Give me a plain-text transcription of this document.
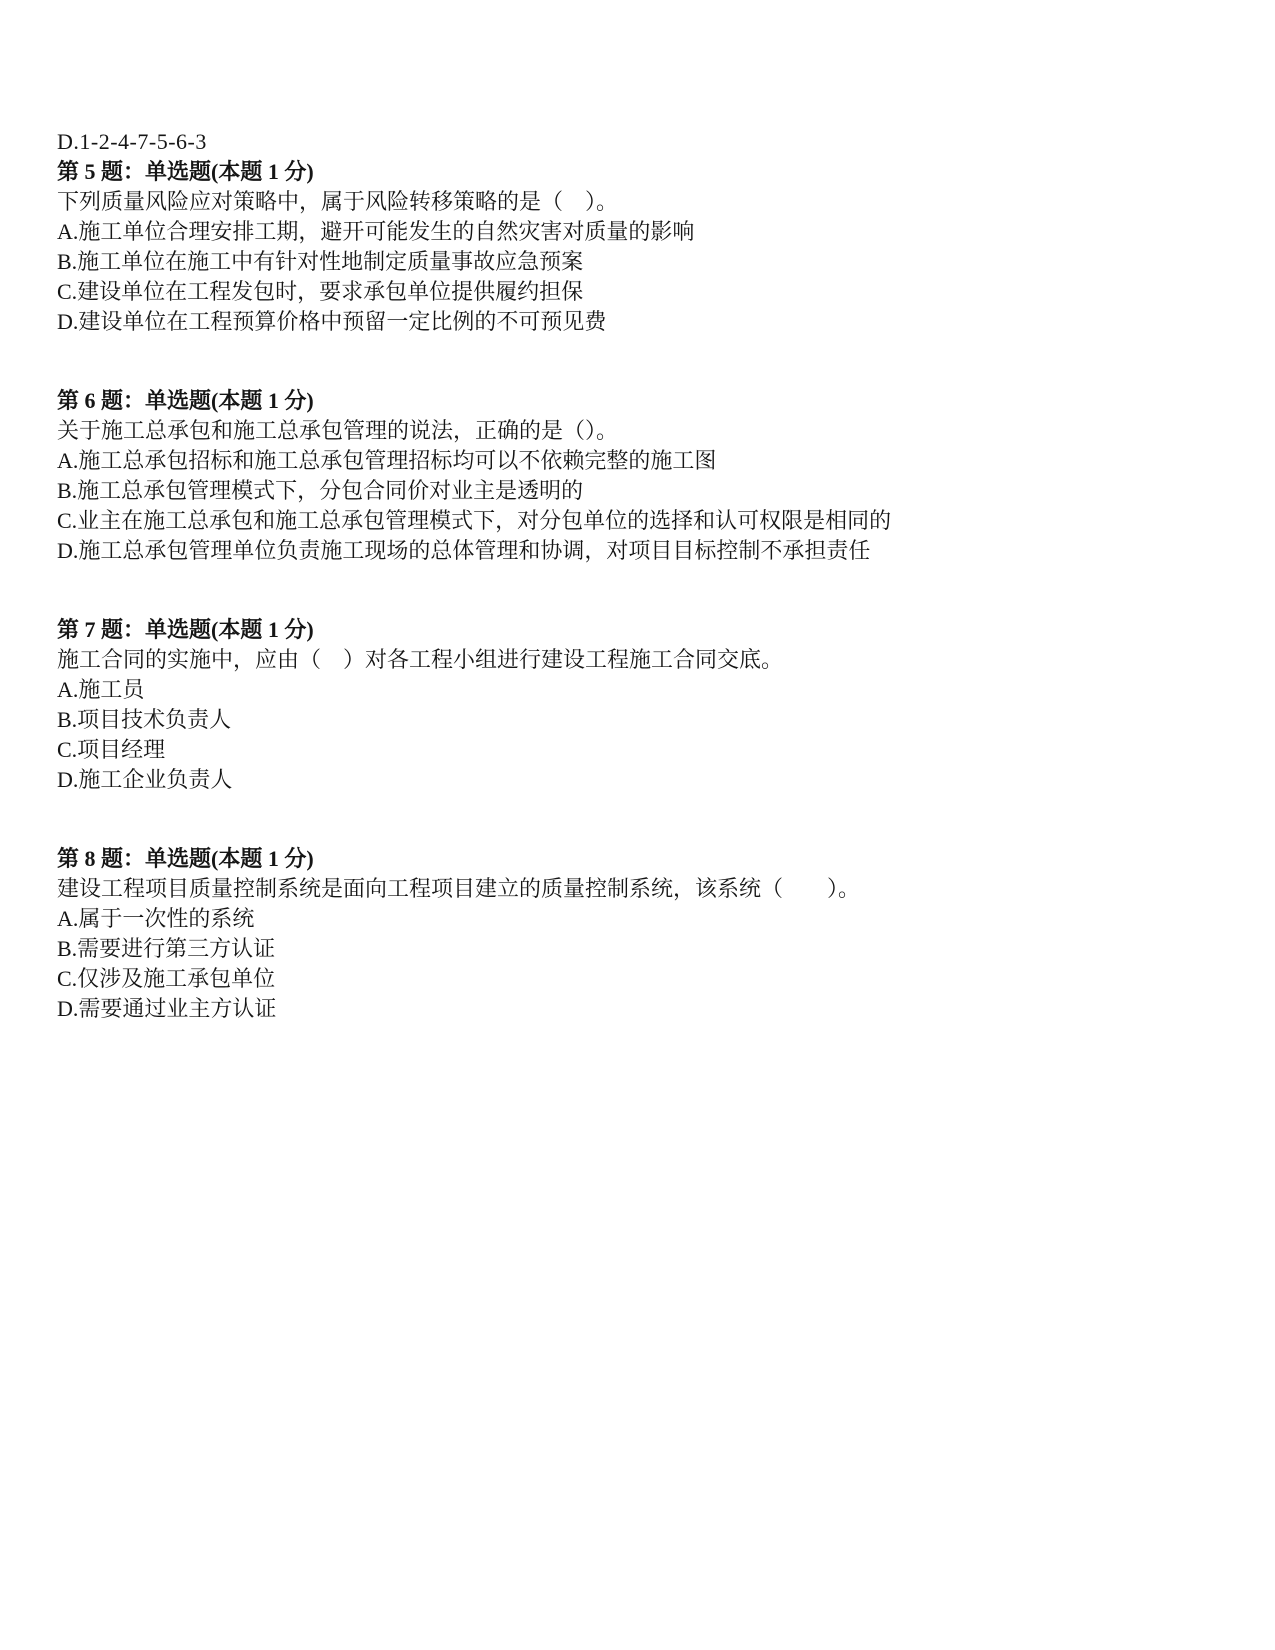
D.1-2-4-7-5-6-3

第 5 题：单选题(本题 1 分)

下列质量风险应对策略中，属于风险转移策略的是（　）。

A.施工单位合理安排工期，避开可能发生的自然灾害对质量的影响

B.施工单位在施工中有针对性地制定质量事故应急预案

C.建设单位在工程发包时，要求承包单位提供履约担保

D.建设单位在工程预算价格中预留一定比例的不可预见费

第 6 题：单选题(本题 1 分)

关于施工总承包和施工总承包管理的说法，正确的是（）。

A.施工总承包招标和施工总承包管理招标均可以不依赖完整的施工图

B.施工总承包管理模式下，分包合同价对业主是透明的

C.业主在施工总承包和施工总承包管理模式下，对分包单位的选择和认可权限是相同的

D.施工总承包管理单位负责施工现场的总体管理和协调，对项目目标控制不承担责任

第 7 题：单选题(本题 1 分)

施工合同的实施中，应由（　）对各工程小组进行建设工程施工合同交底。

A.施工员

B.项目技术负责人

C.项目经理

D.施工企业负责人

第 8 题：单选题(本题 1 分)

建设工程项目质量控制系统是面向工程项目建立的质量控制系统，该系统（　　）。

A.属于一次性的系统

B.需要进行第三方认证

C.仅涉及施工承包单位

D.需要通过业主方认证
